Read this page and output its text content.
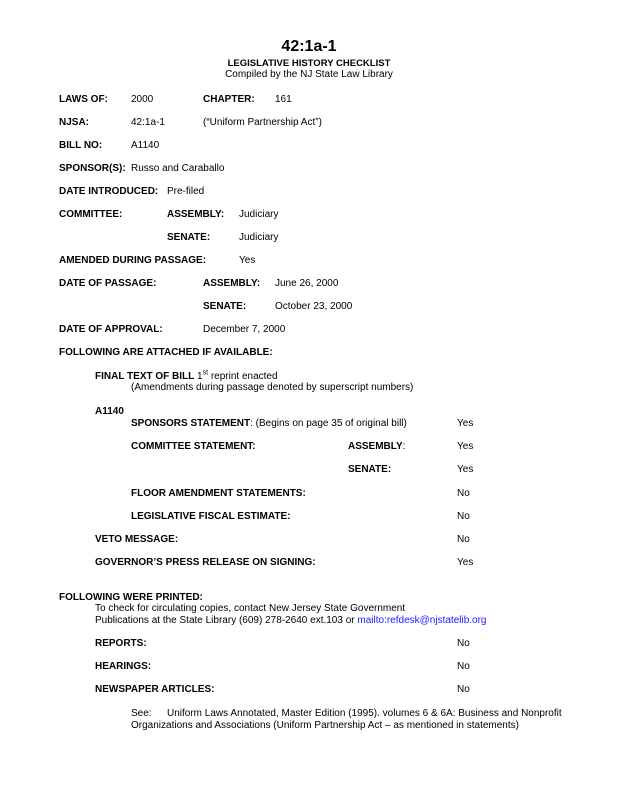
42:1a-1
LEGISLATIVE HISTORY CHECKLIST
Compiled by the NJ State Law Library
LAWS OF: 2000	CHAPTER: 161
NJSA:	42:1a-1	(“Uniform Partnership Act”)
BILL NO:	A1140
SPONSOR(S): Russo and Caraballo
DATE INTRODUCED: Pre-filed
COMMITTEE:	ASSEMBLY: Judiciary
SENATE:	Judiciary
AMENDED DURING PASSAGE:	Yes
DATE OF PASSAGE:	ASSEMBLY: June 26, 2000
SENATE:	October 23, 2000
DATE OF APPROVAL:	December 7, 2000
FOLLOWING ARE ATTACHED IF AVAILABLE:
FINAL TEXT OF BILL 1st reprint enacted
(Amendments during passage denoted by superscript numbers)
A1140
SPONSORS STATEMENT: (Begins on page 35 of original bill)	Yes
COMMITTEE STATEMENT:	ASSEMBLY:	Yes
SENATE:	Yes
FLOOR AMENDMENT STATEMENTS:	No
LEGISLATIVE FISCAL ESTIMATE:	No
VETO MESSAGE:	No
GOVERNOR’S PRESS RELEASE ON SIGNING:	Yes
FOLLOWING WERE PRINTED:
To check for circulating copies, contact New Jersey State Government
Publications at the State Library (609) 278-2640 ext.103 or mailto:refdesk@njstatelib.org
REPORTS:	No
HEARINGS:	No
NEWSPAPER ARTICLES:	No
See: Uniform Laws Annotated, Master Edition (1995). volumes 6 & 6A: Business and Nonprofit
Organizations and Associations (Uniform Partnership Act – as mentioned in statements)
